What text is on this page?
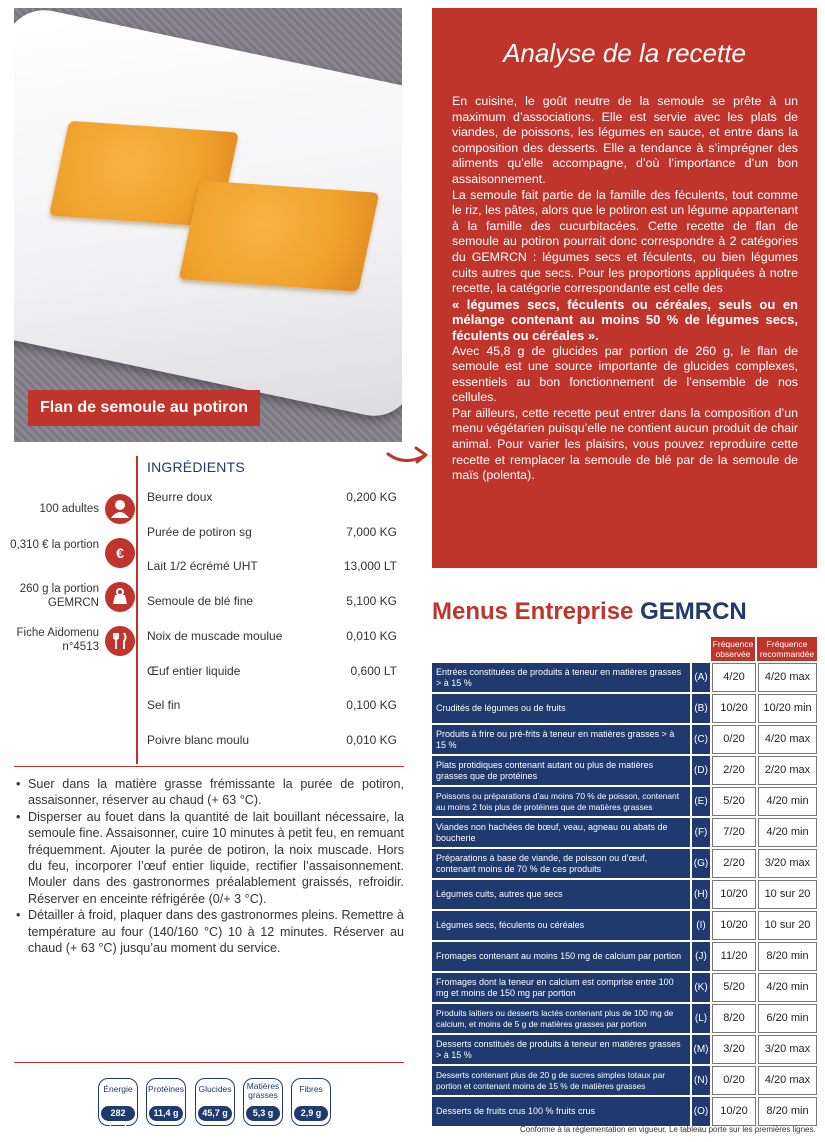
Flan de semoule au potiron
Analyse de la recette

En cuisine, le goût neutre de la semoule se prête à un maximum d’associations. Elle est servie avec les plats de viandes, de poissons, les légumes en sauce, et entre dans la composition des desserts. Elle a tendance à s’imprégner des aliments qu’elle accompagne, d’où l’importance d’un bon assaisonnement.

La semoule fait partie de la famille des féculents, tout comme le riz, les pâtes, alors que le potiron est un légume appartenant à la famille des cucurbitacées. Cette recette de flan de semoule au potiron pourrait donc correspondre à 2 catégories du GEMRCN : légumes secs et féculents, ou bien légumes cuits autres que secs. Pour les proportions appliquées à notre recette, la catégorie correspondante est celle des

« légumes secs, féculents ou céréales, seuls ou en mélange contenant au moins 50 % de légumes secs, féculents ou céréales ».

Avec 45,8 g de glucides par portion de 260 g, le flan de semoule est une source importante de glucides complexes, essentiels au bon fonctionnement de l’ensemble de nos cellules.

Par ailleurs, cette recette peut entrer dans la composition d’un menu végétarien puisqu’elle ne contient aucun produit de chair animal. Pour varier les plaisirs, vous pouvez reproduire cette recette et remplacer la semoule de blé par de la semoule de maïs (polenta).

100 adultes
0,310 € la portion	€
260 g la portion GEMRCN
Fiche Aidomenu n°4513
INGRÉDIENTS
Beurre doux	0,200 KG
Purée de potiron sg	7,000 KG
Lait 1/2 écrémé UHT	13,000 LT
Semoule de blé fine	5,100 KG
Noix de muscade moulue	0,010 KG
Œuf entier liquide	0,600 LT
Sel fin	0,100 KG
Poivre blanc moulu	0,010 KG
• Suer dans la matière grasse frémissante la purée de potiron, assaisonner, réserver au chaud (+ 63 °C).
• Disperser au fouet dans la quantité de lait bouillant nécessaire, la semoule fine. Assaisonner, cuire 10 minutes à petit feu, en remuant fréquemment. Ajouter la purée de potiron, la noix muscade. Hors du feu, incorporer l’œuf entier liquide, rectifier l’assaisonnement. Mouler dans des gastronormes préalablement graissés, refroidir. Réserver en enceinte réfrigérée (0/+ 3 °C).
• Détailler à froid, plaquer dans des gastronormes pleins. Remettre à température au four (140/160 °C) 10 à 12 minutes. Réserver au chaud (+ 63 °C) jusqu’au moment du service.
Énergie
282 kcal
Protéines
11,4 g
Glucides
45,7 g
Matières grasses
5,3 g
Fibres
2,9 g
Menus Entreprise GEMRCN
Fréquence observée
Fréquence recommandée
Entrées constituées de produits à teneur en matières grasses > à 15 %	(A)	4/20	4/20 max
Crudités de légumes ou de fruits	(B)	10/20	10/20 min
Produits à frire ou pré-frits à teneur en matières grasses > à 15 %	(C)	0/20	4/20 max
Plats protidiques contenant autant ou plus de matières grasses que de protéines	(D)	2/20	2/20 max
Poissons ou préparations d’au moins 70 % de poisson, contenant au moins 2 fois plus de protéines que de matières grasses	(E)	5/20	4/20 min
Viandes non hachées de bœuf, veau, agneau ou abats de boucherie	(F)	7/20	4/20 min
Préparations à base de viande, de poisson ou d’œuf, contenant moins de 70 % de ces produits	(G)	2/20	3/20 max
Légumes cuits, autres que secs	(H)	10/20	10 sur 20
Légumes secs, féculents ou céréales	(I)	10/20	10 sur 20
Fromages contenant au moins 150 mg de calcium par portion	(J)	11/20	8/20 min
Fromages dont la teneur en calcium est comprise entre 100 mg et moins de 150 mg par portion	(K)	5/20	4/20 min
Produits laitiers ou desserts lactés contenant plus de 100 mg de calcium, et moins de 5 g de matières grasses par portion	(L)	8/20	6/20 min
Desserts constitués de produits à teneur en matières grasses > à 15 %	(M)	3/20	3/20 max
Desserts contenant plus de 20 g de sucres simples totaux par portion et contenant moins de 15 % de matières grasses	(N)	0/20	4/20 max
Desserts de fruits crus 100 % fruits crus	(O)	10/20	8/20 min
Conforme à la réglementation en vigueur. Le tableau porte sur les premières lignes.
